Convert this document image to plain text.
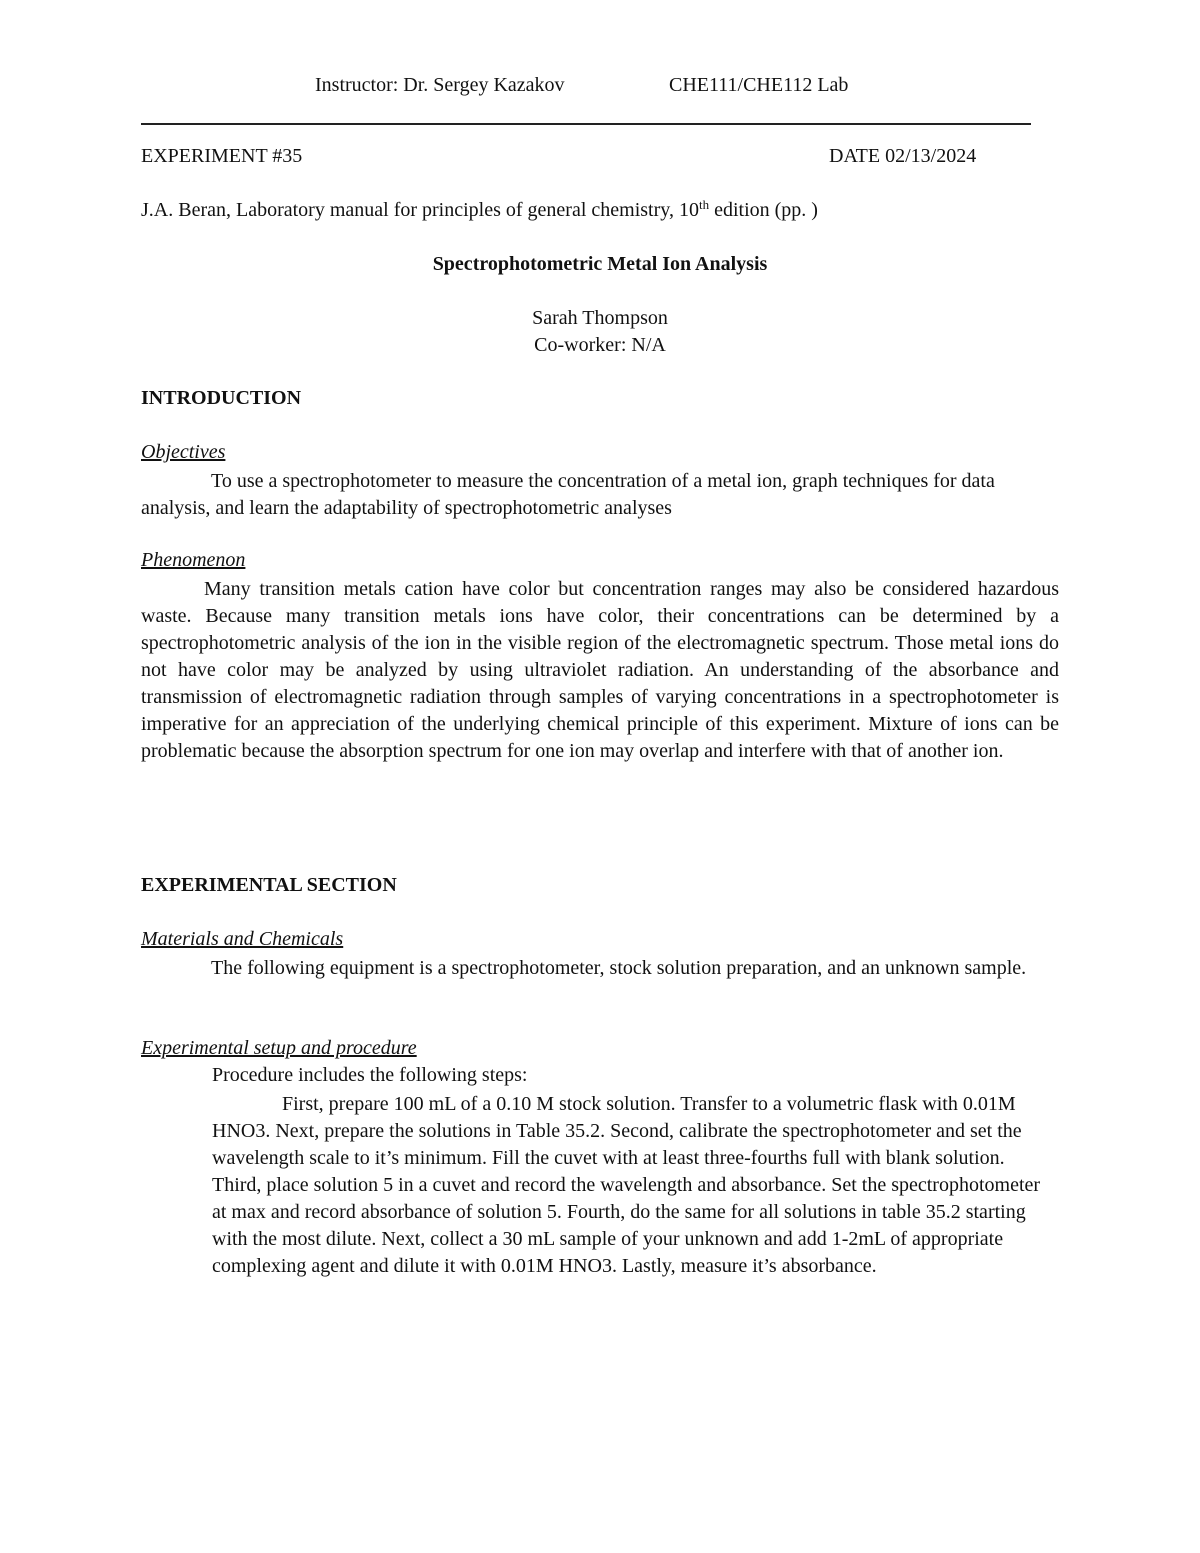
Instructor: Dr. Sergey Kazakov	CHE111/CHE112 Lab
EXPERIMENT #35	DATE 02/13/2024
J.A. Beran, Laboratory manual for principles of general chemistry, 10th edition (pp. )
Spectrophotometric Metal Ion Analysis
Sarah Thompson
Co-worker: N/A
INTRODUCTION
Objectives
To use a spectrophotometer to measure the concentration of a metal ion, graph techniques for data analysis, and learn the adaptability of spectrophotometric analyses
Phenomenon
Many transition metals cation have color but concentration ranges may also be considered hazardous waste. Because many transition metals ions have color, their concentrations can be determined by a spectrophotometric analysis of the ion in the visible region of the electromagnetic spectrum. Those metal ions do not have color may be analyzed by using ultraviolet radiation. An understanding of the absorbance and transmission of electromagnetic radiation through samples of varying concentrations in a spectrophotometer is imperative for an appreciation of the underlying chemical principle of this experiment. Mixture of ions can be problematic because the absorption spectrum for one ion may overlap and interfere with that of another ion.
EXPERIMENTAL SECTION
Materials and Chemicals
The following equipment is a spectrophotometer, stock solution preparation, and an unknown sample.
Experimental setup and procedure
Procedure includes the following steps:
First, prepare 100 mL of a 0.10 M stock solution. Transfer to a volumetric flask with 0.01M HNO3. Next, prepare the solutions in Table 35.2. Second, calibrate the spectrophotometer and set the wavelength scale to it’s minimum. Fill the cuvet with at least three-fourths full with blank solution. Third, place solution 5 in a cuvet and record the wavelength and absorbance. Set the spectrophotometer at max and record absorbance of solution 5. Fourth, do the same for all solutions in table 35.2 starting with the most dilute. Next, collect a 30 mL sample of your unknown and add 1-2mL of appropriate complexing agent and dilute it with 0.01M HNO3. Lastly, measure it’s absorbance.
